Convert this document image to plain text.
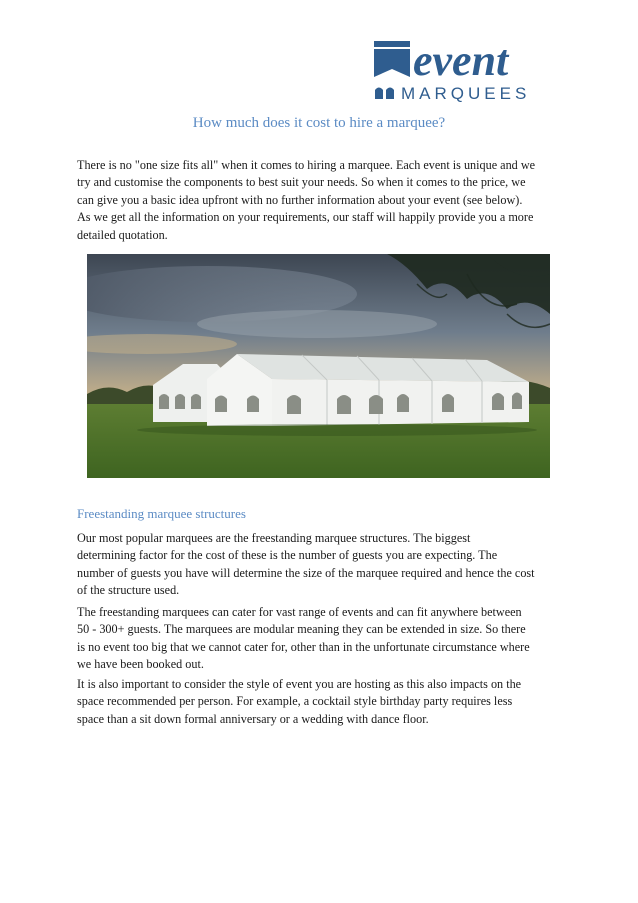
event
MARQUEES
How much does it cost to hire a marquee?
There is no "one size fits all" when it comes to hiring a marquee. Each event is unique and we
try and customise the components to best suit your needs. So when it comes to the price, we
can give you a basic idea upfront with no further information about your event (see below).
As we get all the information on your requirements, our staff will happily provide you a more
detailed quotation.
Freestanding marquee structures
Our most popular marquees are the freestanding marquee structures. The biggest
determining factor for the cost of these is the number of guests you are expecting. The
number of guests you have will determine the size of the marquee required and hence the cost
of the structure used.
The freestanding marquees can cater for vast range of events and can fit anywhere between
50 - 300+ guests. The marquees are modular meaning they can be extended in size. So there
is no event too big that we cannot cater for, other than in the unfortunate circumstance where
we have been booked out.
It is also important to consider the style of event you are hosting as this also impacts on the
space recommended per person. For example, a cocktail style birthday party requires less
space than a sit down formal anniversary or a wedding with dance floor.
